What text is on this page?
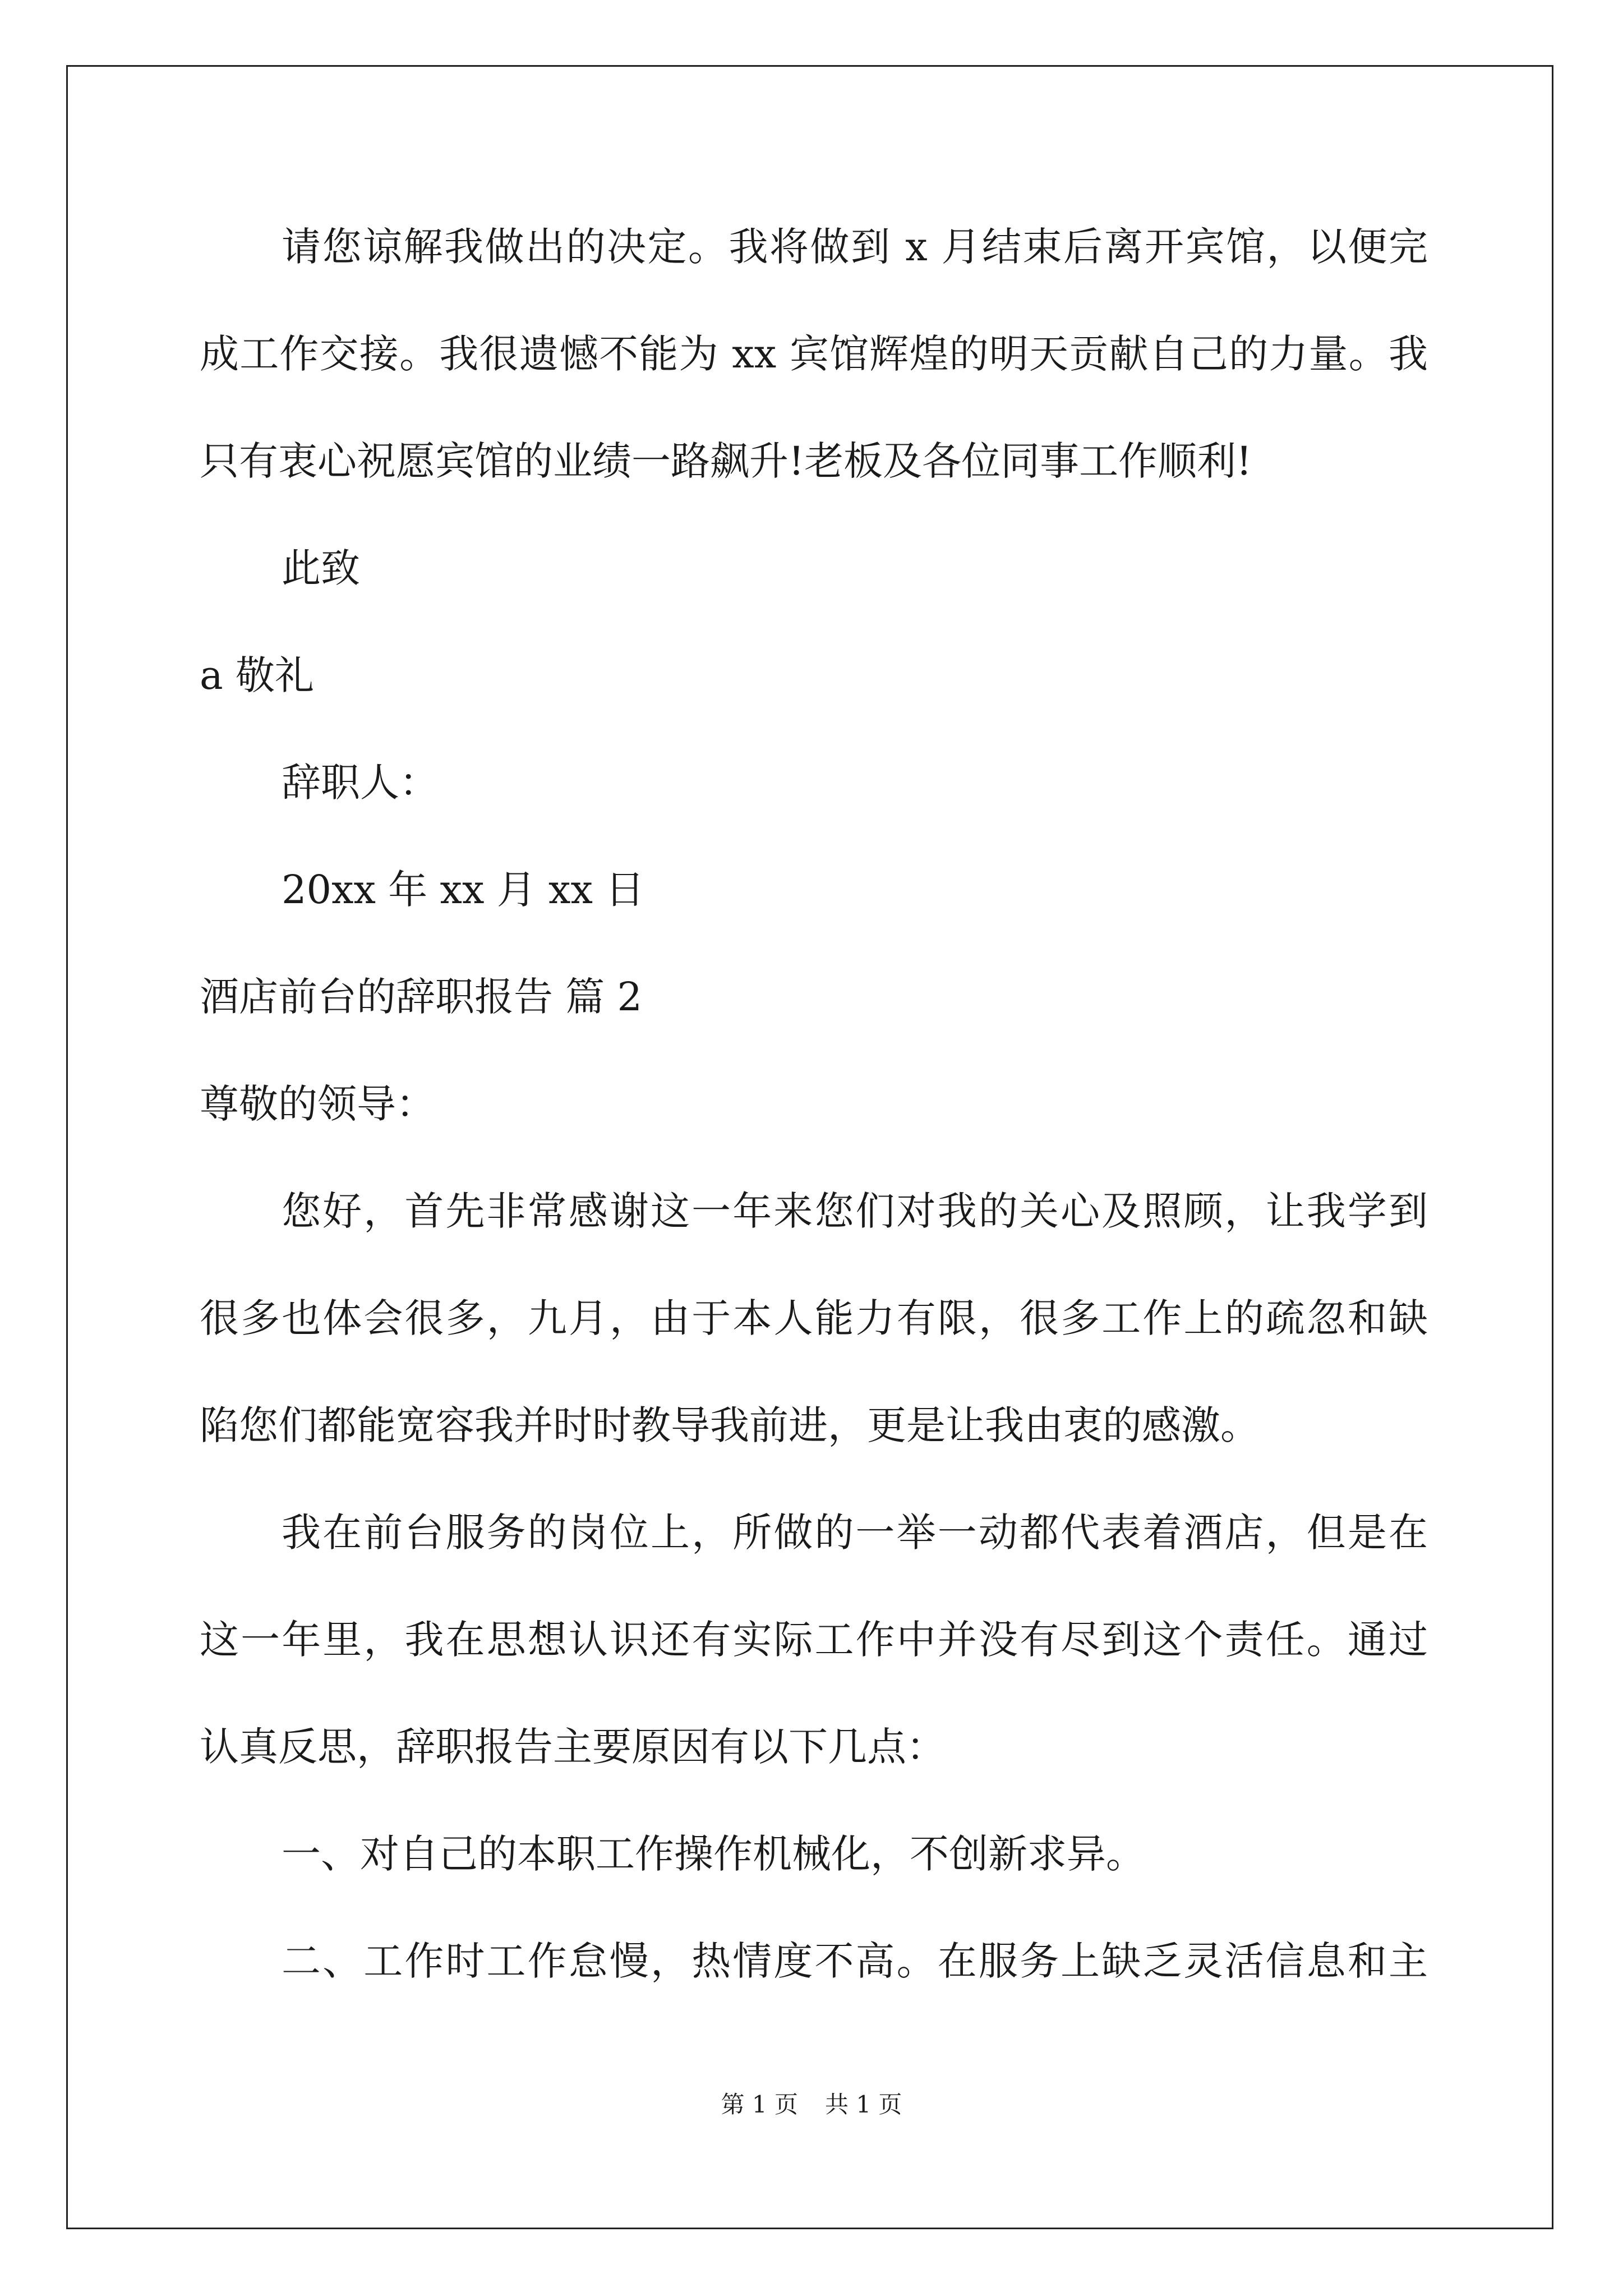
请您谅解我做出的决定。我将做到 x 月结束后离开宾馆，以便完
成工作交接。我很遗憾不能为 xx 宾馆辉煌的明天贡献自己的力量。我
只有衷心祝愿宾馆的业绩一路飙升!老板及各位同事工作顺利!
此致
a 敬礼
辞职人：
20xx 年 xx 月 xx 日
酒店前台的辞职报告 篇 2
尊敬的领导：
您好，首先非常感谢这一年来您们对我的关心及照顾，让我学到
很多也体会很多，九月，由于本人能力有限，很多工作上的疏忽和缺
陷您们都能宽容我并时时教导我前进，更是让我由衷的感激。
我在前台服务的岗位上，所做的一举一动都代表着酒店，但是在
这一年里，我在思想认识还有实际工作中并没有尽到这个责任。通过
认真反思，辞职报告主要原因有以下几点：
一、对自己的本职工作操作机械化，不创新求异。
二、工作时工作怠慢，热情度不高。在服务上缺乏灵活信息和主
第 1 页 共 1 页
